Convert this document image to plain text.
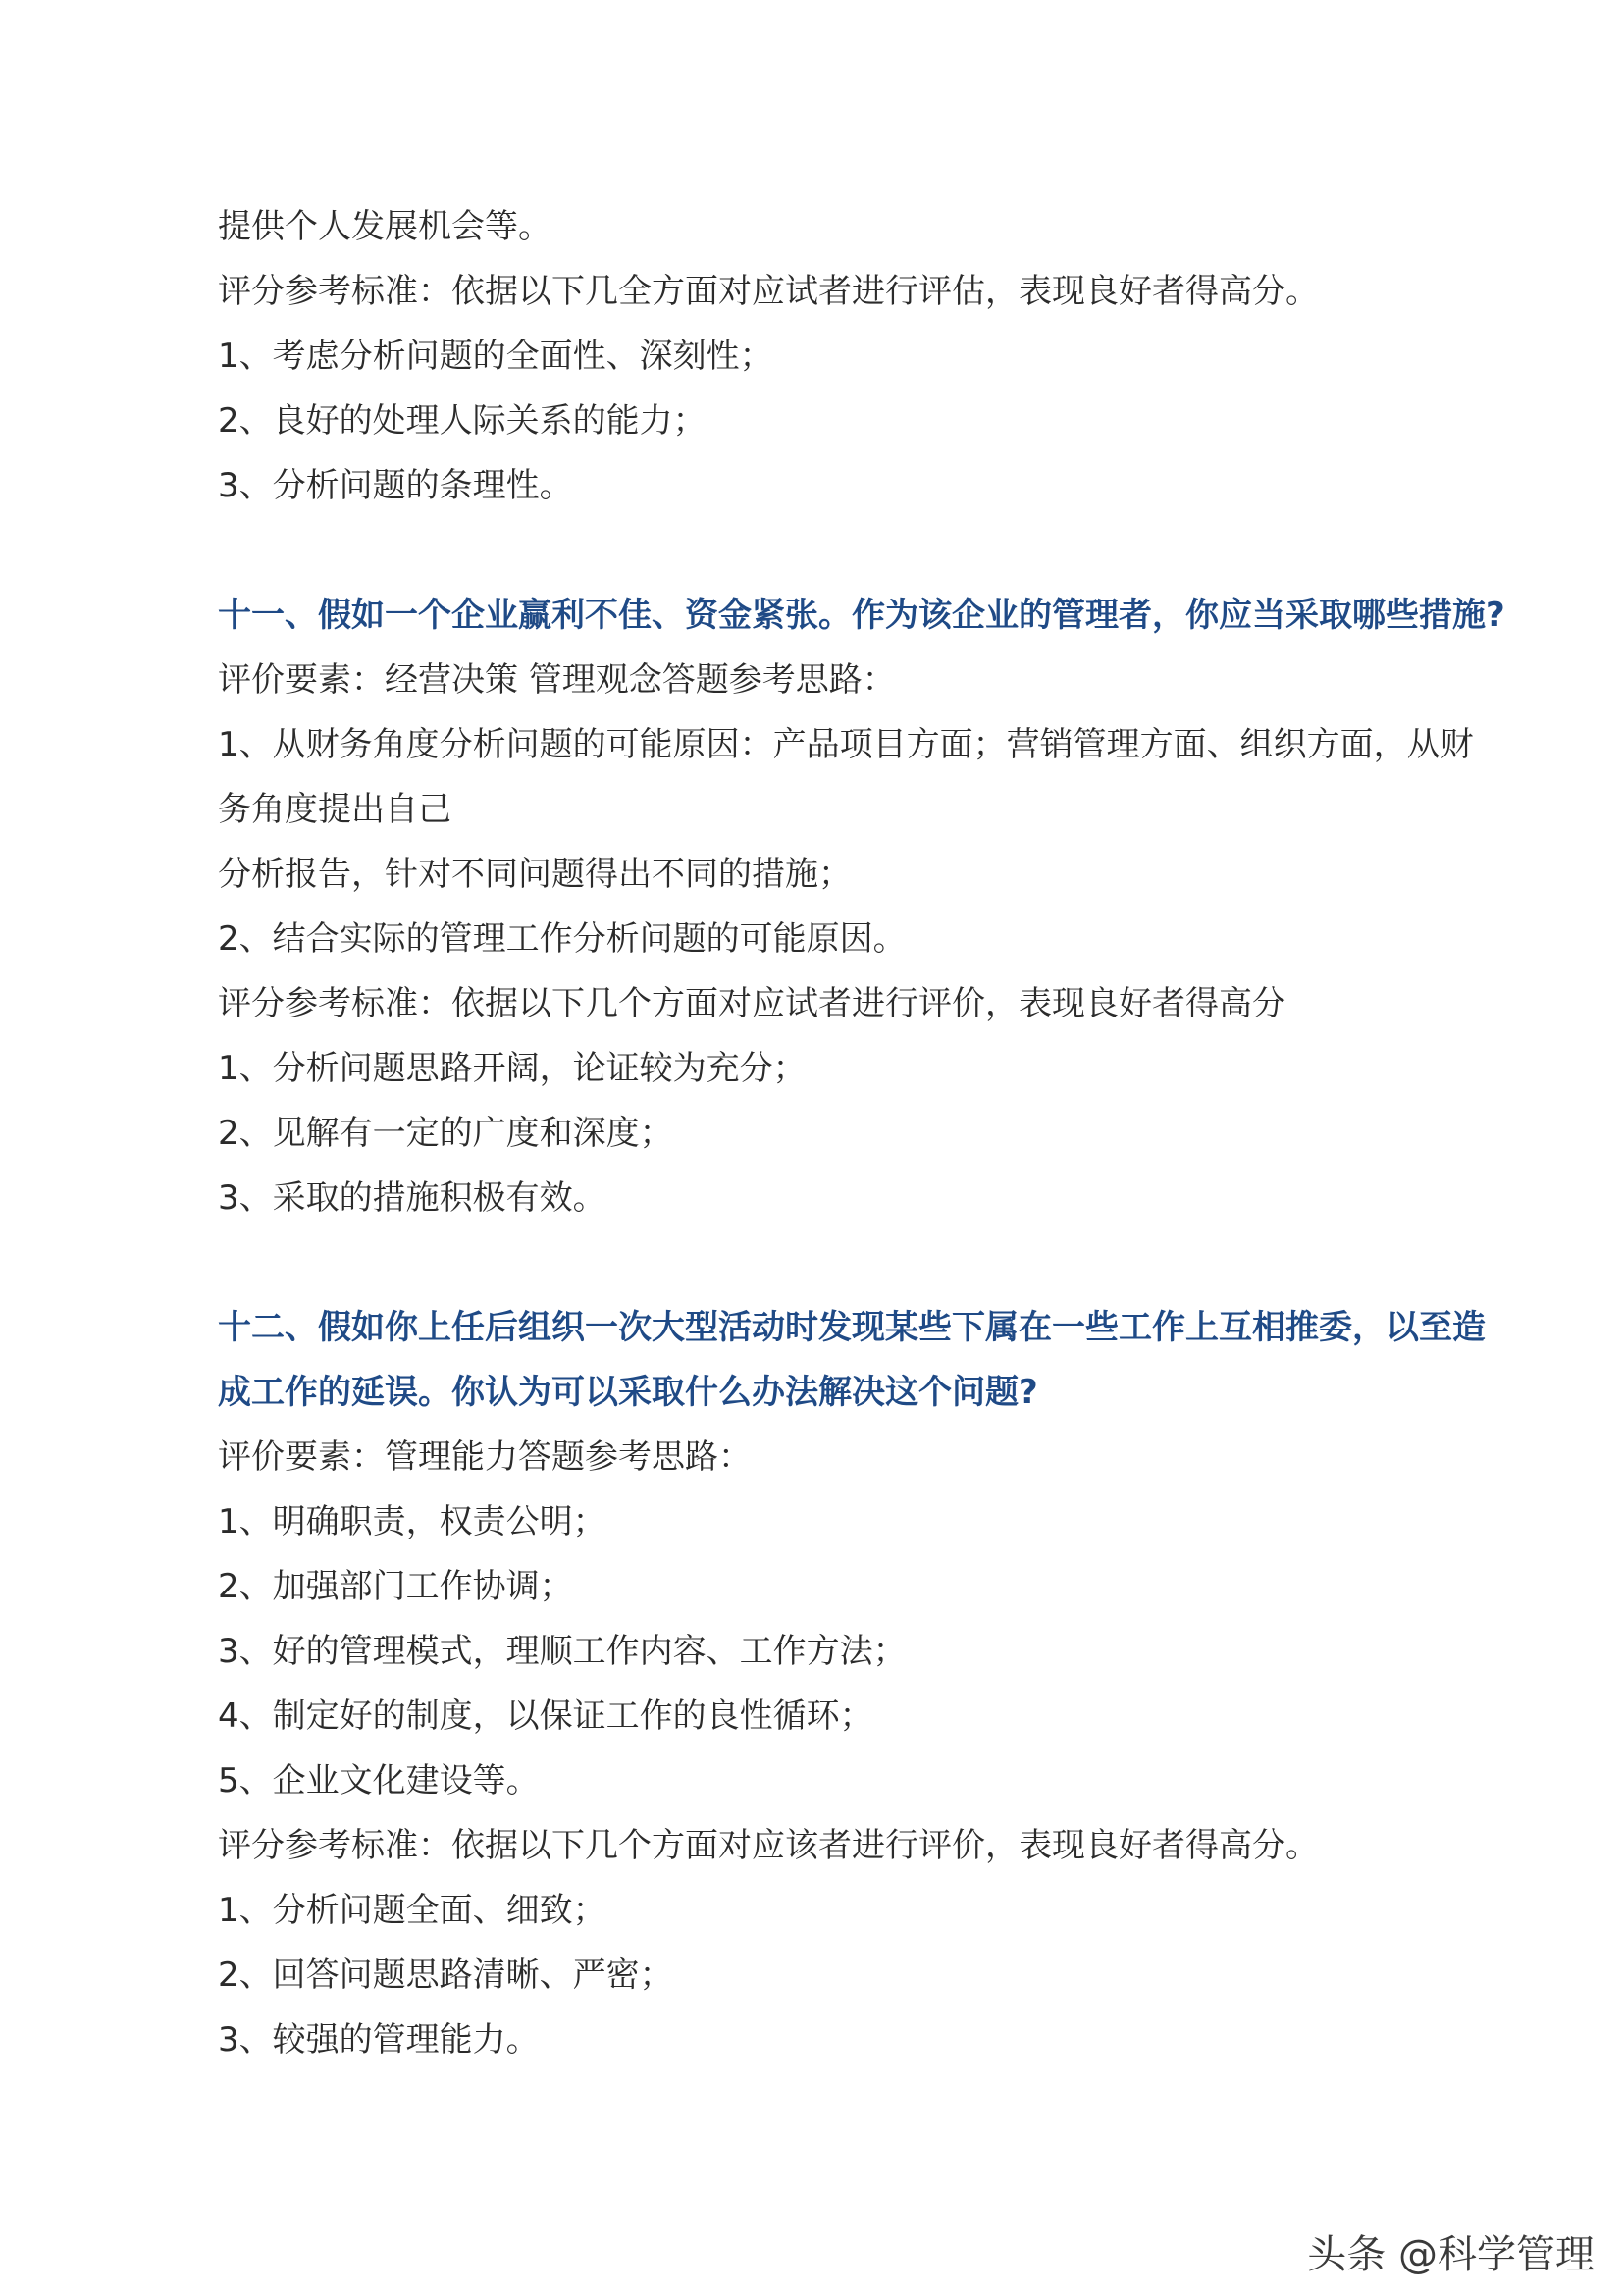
提供个人发展机会等。
评分参考标准：依据以下几全方面对应试者进行评估，表现良好者得高分。
1、考虑分析问题的全面性、深刻性；
2、良好的处理人际关系的能力；
3、分析问题的条理性。
十一、假如一个企业赢利不佳、资金紧张。作为该企业的管理者，你应当采取哪些措施?
评价要素：经营决策 管理观念答题参考思路：
1、从财务角度分析问题的可能原因：产品项目方面；营销管理方面、组织方面，从财
务角度提出自己
分析报告，针对不同问题得出不同的措施；
2、结合实际的管理工作分析问题的可能原因。
评分参考标准：依据以下几个方面对应试者进行评价，表现良好者得高分
1、分析问题思路开阔，论证较为充分；
2、见解有一定的广度和深度；
3、采取的措施积极有效。
十二、假如你上任后组织一次大型活动时发现某些下属在一些工作上互相推委，以至造
成工作的延误。你认为可以采取什么办法解决这个问题?
评价要素：管理能力答题参考思路：
1、明确职责，权责公明；
2、加强部门工作协调；
3、好的管理模式，理顺工作内容、工作方法；
4、制定好的制度，以保证工作的良性循环；
5、企业文化建设等。
评分参考标准：依据以下几个方面对应该者进行评价，表现良好者得高分。
1、分析问题全面、细致；
2、回答问题思路清晰、严密；
3、较强的管理能力。
头条 @科学管理
